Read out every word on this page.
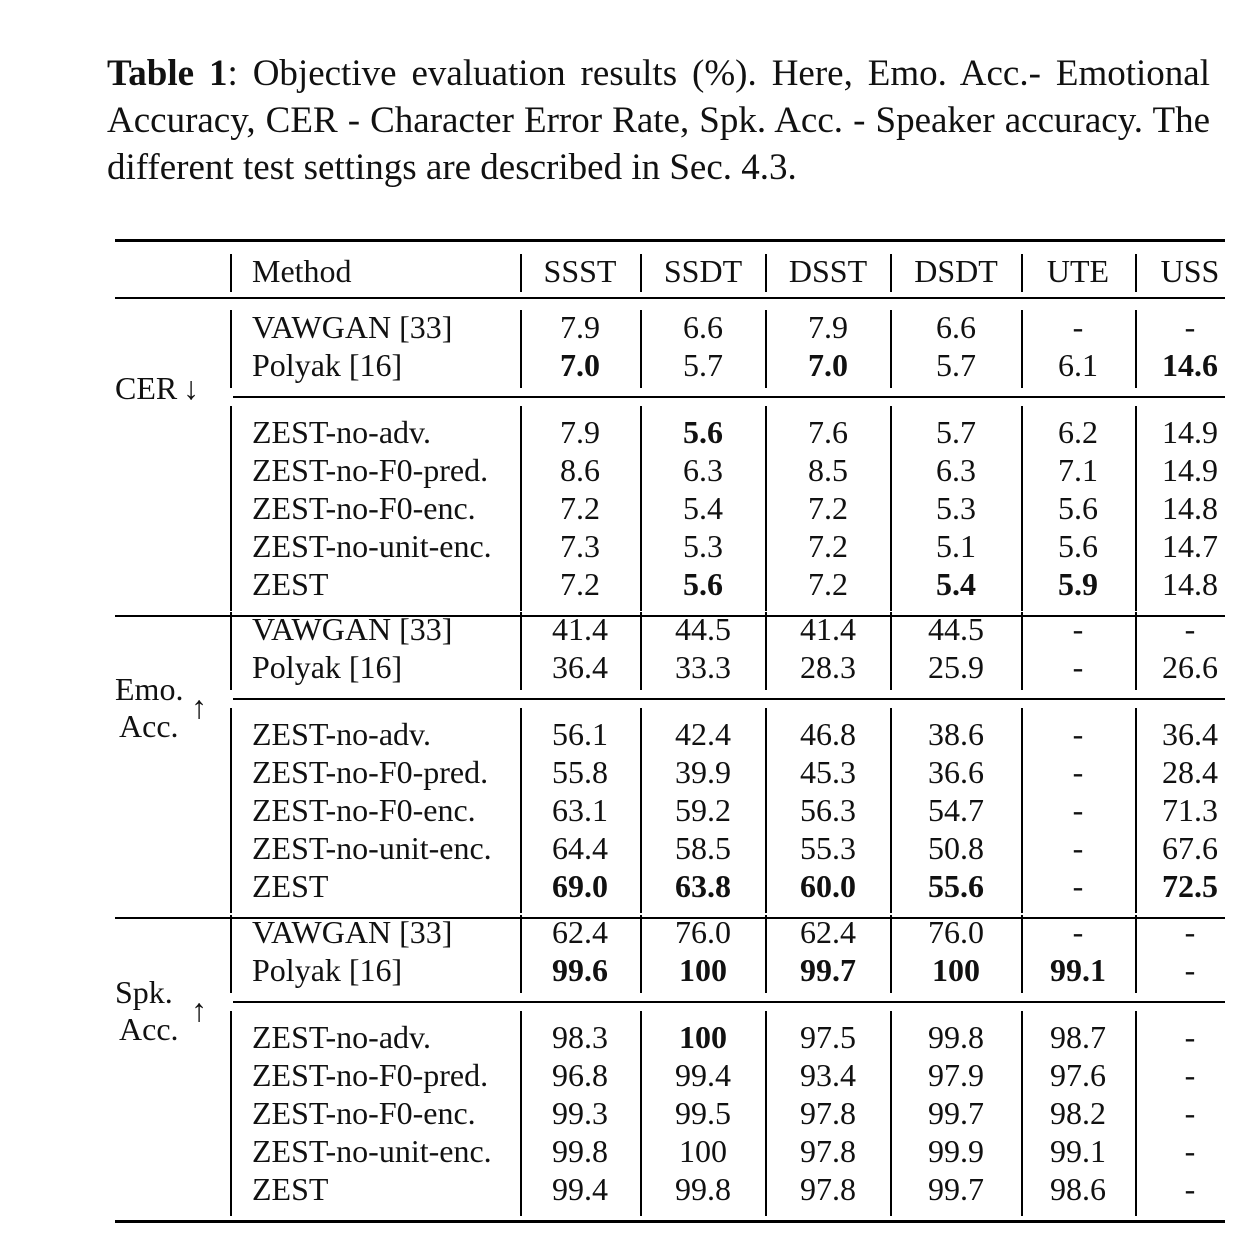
Table 1: Objective evaluation results (%). Here, Emo. Acc.- Emotional Accuracy, CER - Character Error Rate, Spk. Acc. - Speaker accuracy. The different test settings are described in Sec. 4.3.
Method	SSST	SSDT	DSST	DSDT	UTE	USS
VAWGAN [33]	7.9	6.6	7.9	6.6	-	-
Polyak [16]	7.0	5.7	7.0	5.7	6.1	14.6
ZEST-no-adv.	7.9	5.6	7.6	5.7	6.2	14.9
ZEST-no-F0-pred.	8.6	6.3	8.5	6.3	7.1	14.9
ZEST-no-F0-enc.	7.2	5.4	7.2	5.3	5.6	14.8
ZEST-no-unit-enc.	7.3	5.3	7.2	5.1	5.6	14.7
ZEST	7.2	5.6	7.2	5.4	5.9	14.8
CER ↓
VAWGAN [33]	41.4	44.5	41.4	44.5	-	-
Polyak [16]	36.4	33.3	28.3	25.9	-	26.6
ZEST-no-adv.	56.1	42.4	46.8	38.6	-	36.4
ZEST-no-F0-pred.	55.8	39.9	45.3	36.6	-	28.4
ZEST-no-F0-enc.	63.1	59.2	56.3	54.7	-	71.3
ZEST-no-unit-enc.	64.4	58.5	55.3	50.8	-	67.6
ZEST	69.0	63.8	60.0	55.6	-	72.5
Emo.
Acc.
↑
VAWGAN [33]	62.4	76.0	62.4	76.0	-	-
Polyak [16]	99.6	100	99.7	100	99.1	-
ZEST-no-adv.	98.3	100	97.5	99.8	98.7	-
ZEST-no-F0-pred.	96.8	99.4	93.4	97.9	97.6	-
ZEST-no-F0-enc.	99.3	99.5	97.8	99.7	98.2	-
ZEST-no-unit-enc.	99.8	100	97.8	99.9	99.1	-
ZEST	99.4	99.8	97.8	99.7	98.6	-
Spk.
Acc.
↑
